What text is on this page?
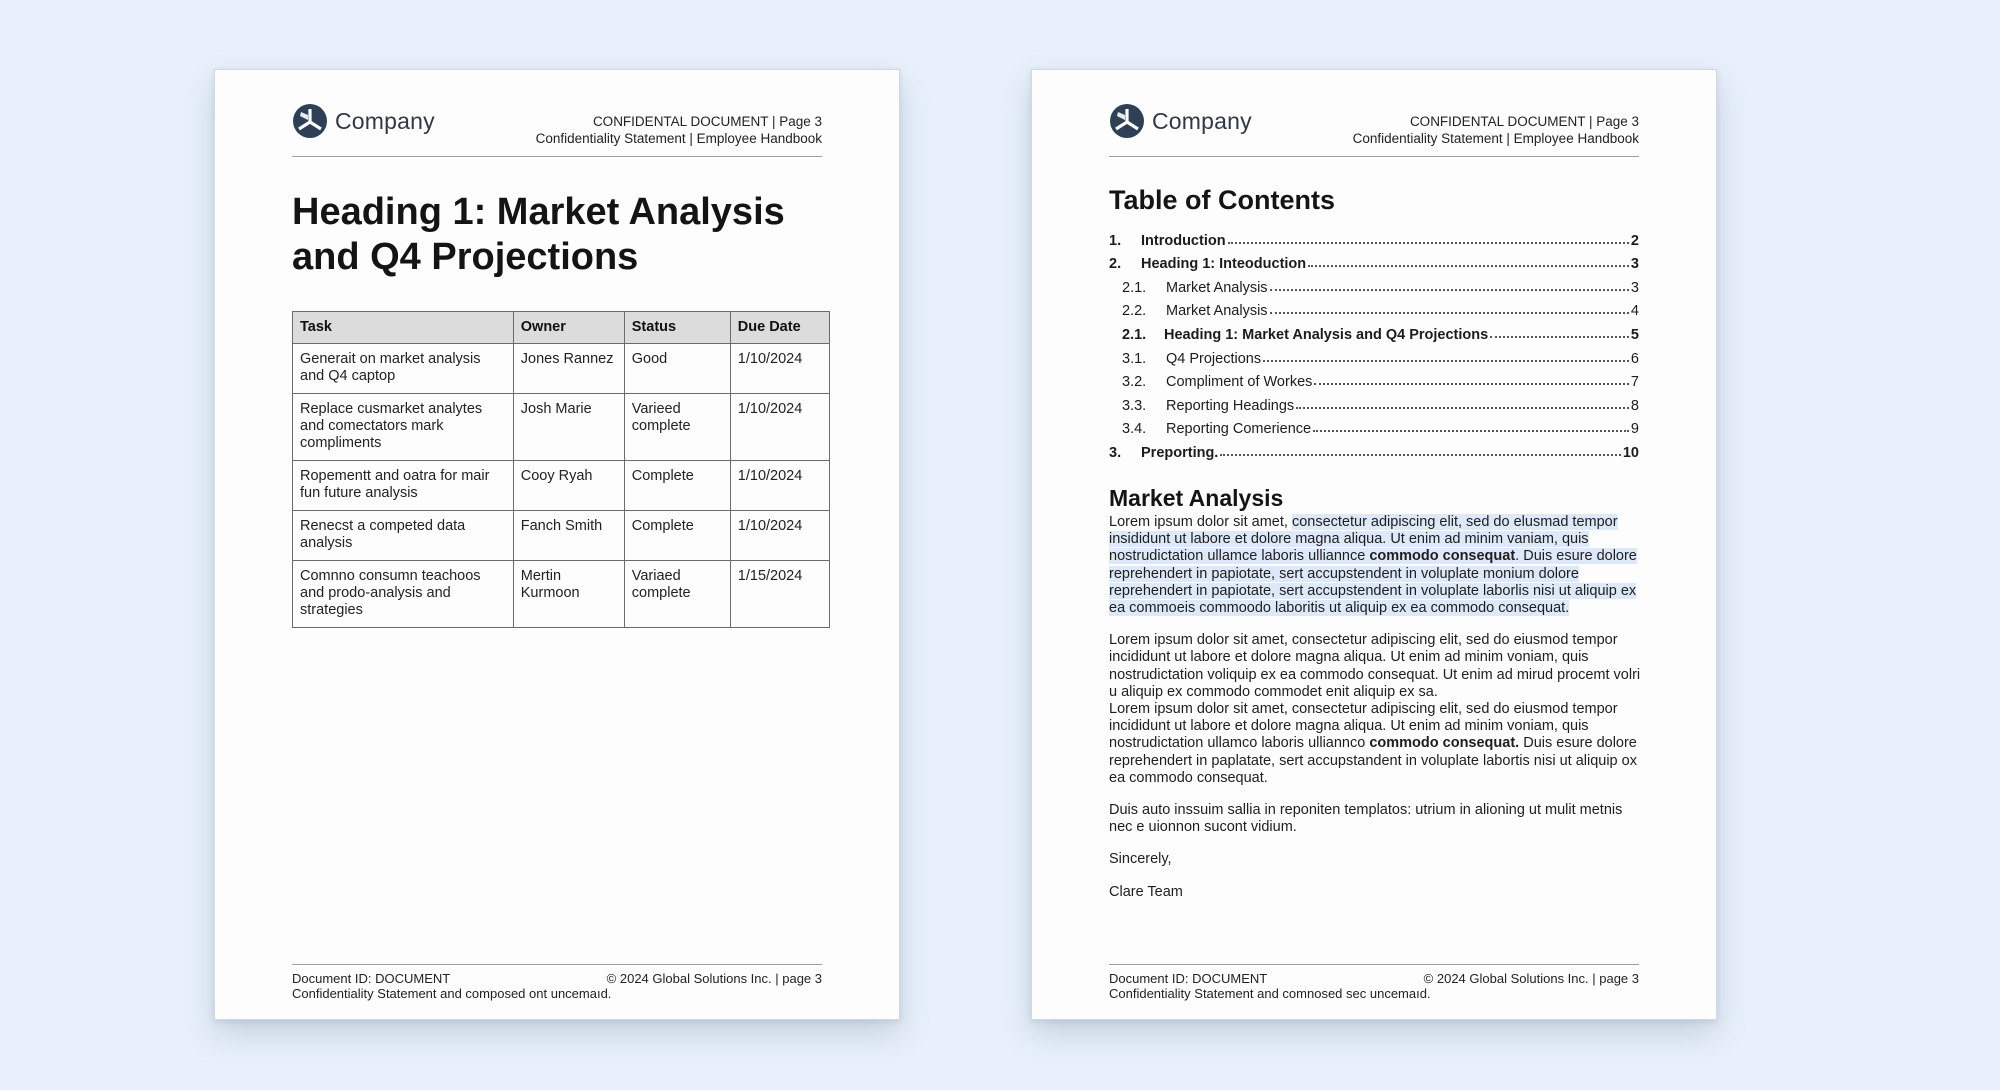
Company	CONFIDENTAL DOCUMENT | Page 3
Confidentiality Statement | Employee Handbook
Heading 1: Market Analysis and Q4 Projections
Task	Owner	Status	Due Date
Generait on market analysis and Q4 captop	Jones Rannez	Good	1/10/2024
Replace cusmarket analytes and comectators mark compliments	Josh Marie	Varieed complete	1/10/2024
Ropementt and oatra for mair fun future analysis	Cooy Ryah	Complete	1/10/2024
Renесst a competed data analysis	Fanch Smith	Complete	1/10/2024
Comnno consumn teachoos and prodo-analysis and strategies	Mertin Kurmoon	Variaed complete	1/15/2024
Document ID: DOCUMENT	© 2024 Global Solutions Inc. | page 3
Confidentiality Statement and composed ont uncemaıd.
Company	CONFIDENTAL DOCUMENT | Page 3
Confidentiality Statement | Employee Handbook
Table of Contents
1.	Introduction	2
2.	Heading 1: Inteoduction	3
2.1.	Market Analysis	3
2.2.	Market Analysis	4
2.1.	Heading 1: Market Analysis and Q4 Projections	5
3.1.	Q4 Projections	6
3.2.	Compliment of Workes	7
3.3.	Reporting Headings	8
3.4.	Reporting Comerience	9
3.	Preporting.	10
Market Analysis

Lorem ipsum dolor sit amet, consectetur adipiscing elit, sed do elusmad tempor insididunt ut labore et dolore magna aliqua. Ut enim ad minim vaniam, quis nostrudictation ullamce laboris ulliannce commodo consequat. Duis esure dolore reprehendert in papiotate, sert accupstendent in voluplate monium dolore reprehendert in papiotate, sert accupstendent in voluplate laborlis nisi ut aliquip ex ea commoeis commoodo laboritis ut aliquip ex ea commodo consequat.

Lorem ipsum dolor sit amet, consectetur adipiscing elit, sed do eiusmod tempor incididunt ut labore et dolore magna aliqua. Ut enim ad minim voniam, quis nostrudictation voliquip ex ea commodo consequat. Ut enim ad mirud procemt volri u aliquip ex commodo commodet enit aliquip ex sa.

Lorem ipsum dolor sit amet, consectetur adipiscing elit, sed do eiusmod tempor incididunt ut labore et dolore magna aliqua. Ut enim ad minim voniam, quis nostrudictation ullamco laboris ulliannco commodo consequat. Duis esure dolore reprehendert in paplatate, sert accupstandent in voluplate labortis nisi ut aliquip ox ea commodo consequat.

Duis auto inssuim sallia in reponiten templatos: utrium in alioning ut mulit metnis nec e uionnon sucont vidium.

Sincerely,

Clare Team

Document ID: DOCUMENT	© 2024 Global Solutions Inc. | page 3
Confidentiality Statement and comnosed sec uncemaıd.
